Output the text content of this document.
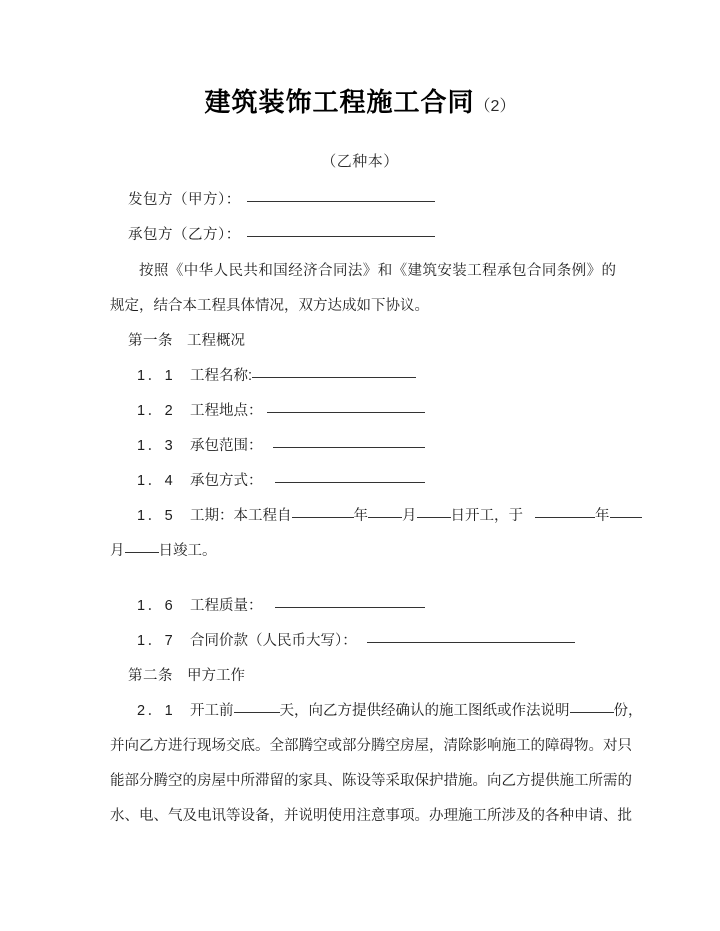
建筑装饰工程施工合同（2）
（乙种本）
发包方（甲方）：
承包方（乙方）：
按照《中华人民共和国经济合同法》和《建筑安装工程承包合同条例》的规定，结合本工程具体情况，双方达成如下协议。
第一条 工程概况
1．1 工程名称:
1．2 工程地点：
1．3 承包范围：
1．4 承包方式：
1．5 工期：本工程自	年 月 日开工，于	年
月 日竣工。
1．6 工程质量：
1．7 合同价款（人民币大写）：
第二条 甲方工作
2．1 开工前	天，向乙方提供经确认的施工图纸或作法说明	份，
并向乙方进行现场交底。全部腾空或部分腾空房屋，清除影响施工的障碍物。对只
能部分腾空的房屋中所滞留的家具、陈设等采取保护措施。向乙方提供施工所需的
水、电、气及电讯等设备，并说明使用注意事项。办理施工所涉及的各种申请、批
